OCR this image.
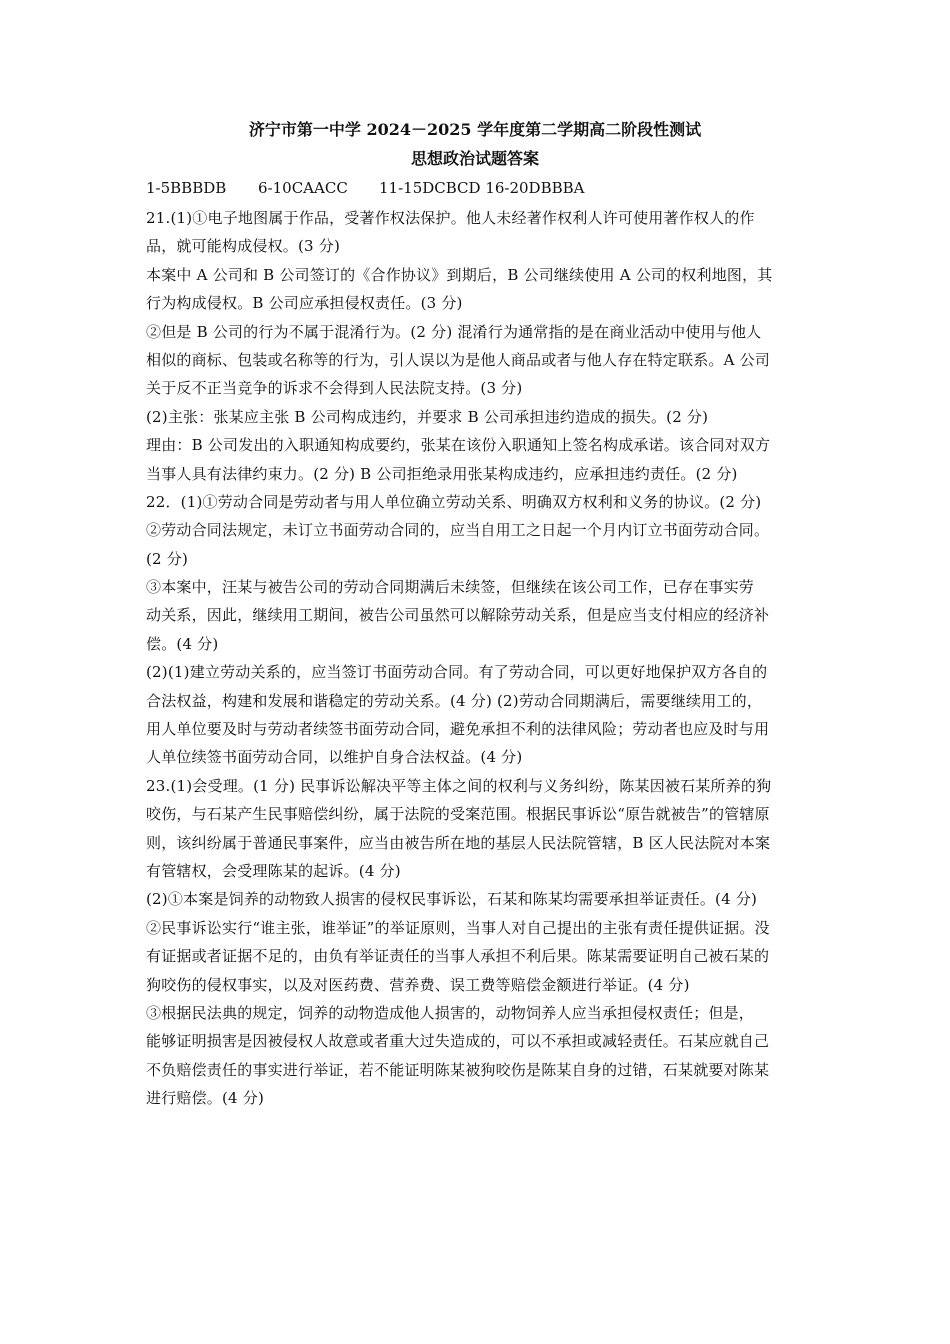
济宁市第一中学 2024－2025 学年度第二学期高二阶段性测试
思想政治试题答案
1-5BBBDB 6-10CAACC 11-15DCBCD 16-20DBBBA
21.(1)①电子地图属于作品，受著作权法保护。他人未经著作权利人许可使用著作权人的作
品，就可能构成侵权。(3 分)
本案中 A 公司和 B 公司签订的《合作协议》到期后，B 公司继续使用 A 公司的权利地图，其
行为构成侵权。B 公司应承担侵权责任。(3 分)
②但是 B 公司的行为不属于混淆行为。(2 分) 混淆行为通常指的是在商业活动中使用与他人
相似的商标、包装或名称等的行为，引人误以为是他人商品或者与他人存在特定联系。A 公司
关于反不正当竞争的诉求不会得到人民法院支持。(3 分)
(2)主张：张某应主张 B 公司构成违约，并要求 B 公司承担违约造成的损失。(2 分)
理由：B 公司发出的入职通知构成要约，张某在该份入职通知上签名构成承诺。该合同对双方
当事人具有法律约束力。(2 分) B 公司拒绝录用张某构成违约，应承担违约责任。(2 分)
22．(1)①劳动合同是劳动者与用人单位确立劳动关系、明确双方权利和义务的协议。(2 分)
②劳动合同法规定，未订立书面劳动合同的，应当自用工之日起一个月内订立书面劳动合同。
(2 分)
③本案中，汪某与被告公司的劳动合同期满后未续签，但继续在该公司工作，已存在事实劳
动关系，因此，继续用工期间，被告公司虽然可以解除劳动关系，但是应当支付相应的经济补
偿。(4 分)
(2)(1)建立劳动关系的，应当签订书面劳动合同。有了劳动合同，可以更好地保护双方各自的
合法权益，构建和发展和谐稳定的劳动关系。(4 分) (2)劳动合同期满后，需要继续用工的，
用人单位要及时与劳动者续签书面劳动合同，避免承担不利的法律风险；劳动者也应及时与用
人单位续签书面劳动合同，以维护自身合法权益。(4 分)
23.(1)会受理。(1 分) 民事诉讼解决平等主体之间的权利与义务纠纷，陈某因被石某所养的狗
咬伤，与石某产生民事赔偿纠纷，属于法院的受案范围。根据民事诉讼“原告就被告”的管辖原
则，该纠纷属于普通民事案件，应当由被告所在地的基层人民法院管辖，B 区人民法院对本案
有管辖权，会受理陈某的起诉。(4 分)
(2)①本案是饲养的动物致人损害的侵权民事诉讼，石某和陈某均需要承担举证责任。(4 分)
②民事诉讼实行“谁主张，谁举证”的举证原则，当事人对自己提出的主张有责任提供证据。没
有证据或者证据不足的，由负有举证责任的当事人承担不利后果。陈某需要证明自己被石某的
狗咬伤的侵权事实，以及对医药费、营养费、误工费等赔偿金额进行举证。(4 分)
③根据民法典的规定，饲养的动物造成他人损害的，动物饲养人应当承担侵权责任；但是，
能够证明损害是因被侵权人故意或者重大过失造成的，可以不承担或减轻责任。石某应就自己
不负赔偿责任的事实进行举证，若不能证明陈某被狗咬伤是陈某自身的过错，石某就要对陈某
进行赔偿。(4 分)
